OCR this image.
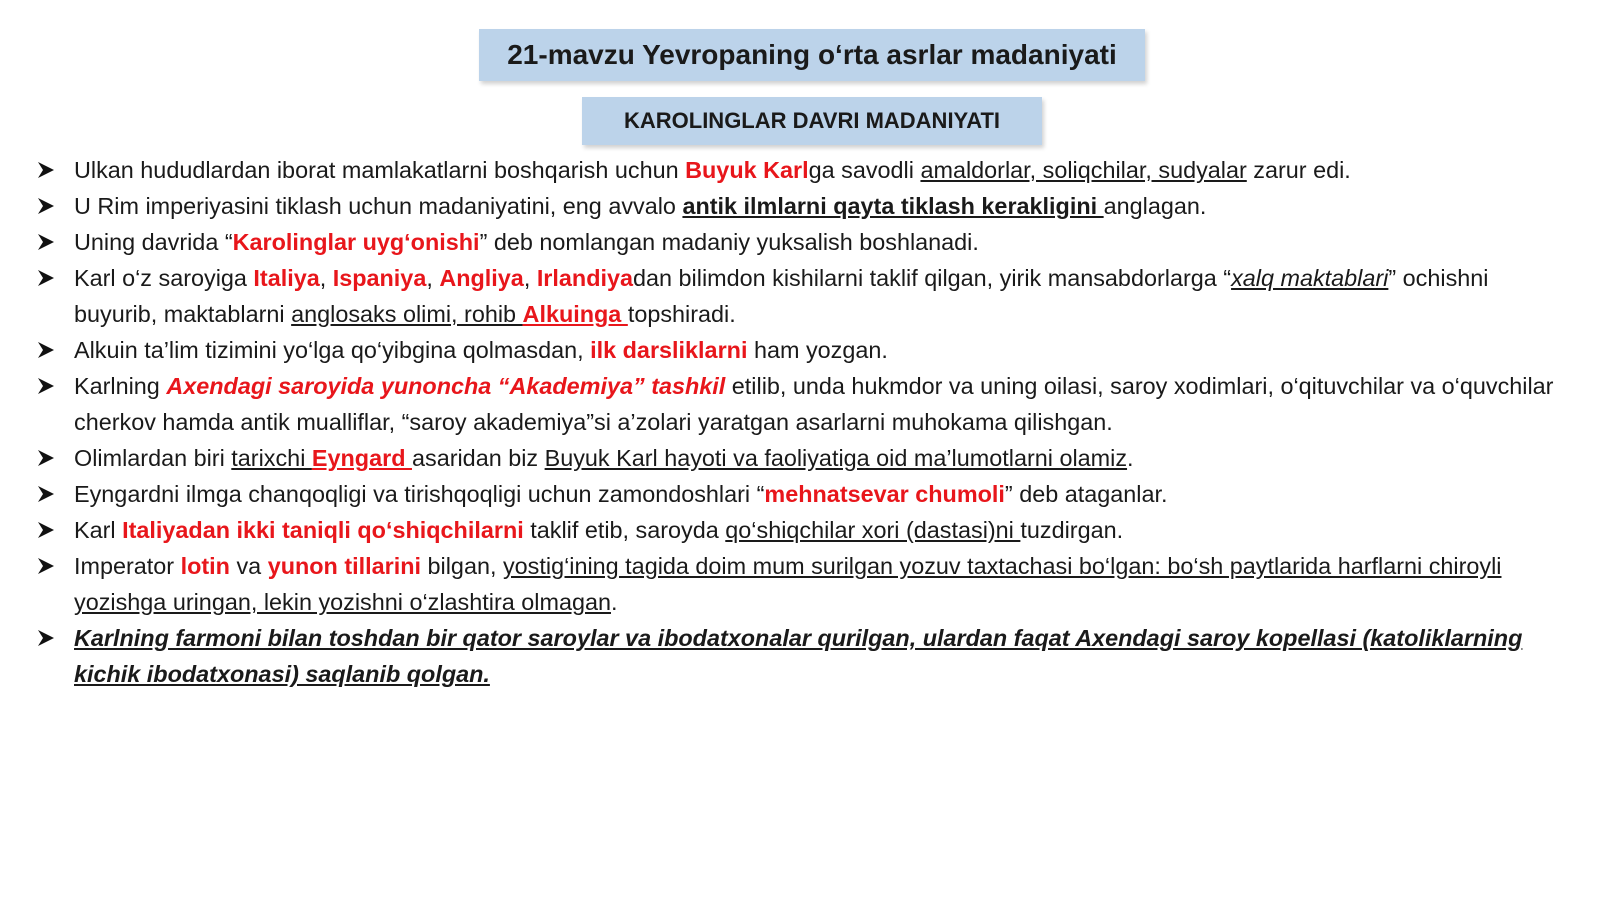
21-mavzu Yevropaning o‘rta asrlar madaniyati
KAROLINGLAR DAVRI MADANIYATI
Ulkan hududlardan iborat mamlakatlarni boshqarish uchun Buyuk Karlga savodli amaldorlar, soliqchilar, sudyalar zarur edi.
U Rim imperiyasini tiklash uchun madaniyatini, eng avvalo antik ilmlarni qayta tiklash kerakligini anglagan.
Uning davrida “Karolinglar uyg‘onishi” deb nomlangan madaniy yuksalish boshlanadi.
Karl o‘z saroyiga Italiya, Ispaniya, Angliya, Irlandiyadan bilimdon kishilarni taklif qilgan, yirik mansabdorlarga “xalq maktablari” ochishni buyurib, maktablarni anglosaks olimi, rohib Alkuinga topshiradi.
Alkuin ta’lim tizimini yo‘lga qo‘yibgina qolmasdan, ilk darsliklarni ham yozgan.
Karlning Axendagi saroyida yunoncha “Akademiya” tashkil etilib, unda hukmdor va uning oilasi, saroy xodimlari, o‘qituvchilar va o‘quvchilar cherkov hamda antik mualliflar, “saroy akademiya”si a’zolari yaratgan asarlarni muhokama qilishgan.
Olimlardan biri tarixchi Eyngard asaridan biz Buyuk Karl hayoti va faoliyatiga oid ma’lumotlarni olamiz.
Eyngardni ilmga chanqoqligi va tirishqoqligi uchun zamondoshlari “mehnatsevar chumoli” deb ataganlar.
Karl Italiyadan ikki taniqli qo‘shiqchilarni taklif etib, saroyda qo‘shiqchilar xori (dastasi)ni tuzdirgan.
Imperator lotin va yunon tillarini bilgan, yostig‘ining tagida doim mum surilgan yozuv taxtachasi bo‘lgan: bo‘sh paytlarida harflarni chiroyli yozishga uringan, lekin yozishni o‘zlashtira olmagan.
Karlning farmoni bilan toshdan bir qator saroylar va ibodatxonalar qurilgan, ulardan faqat Axendagi saroy kopellasi (katoliklarning kichik ibodatxonasi) saqlanib qolgan.
